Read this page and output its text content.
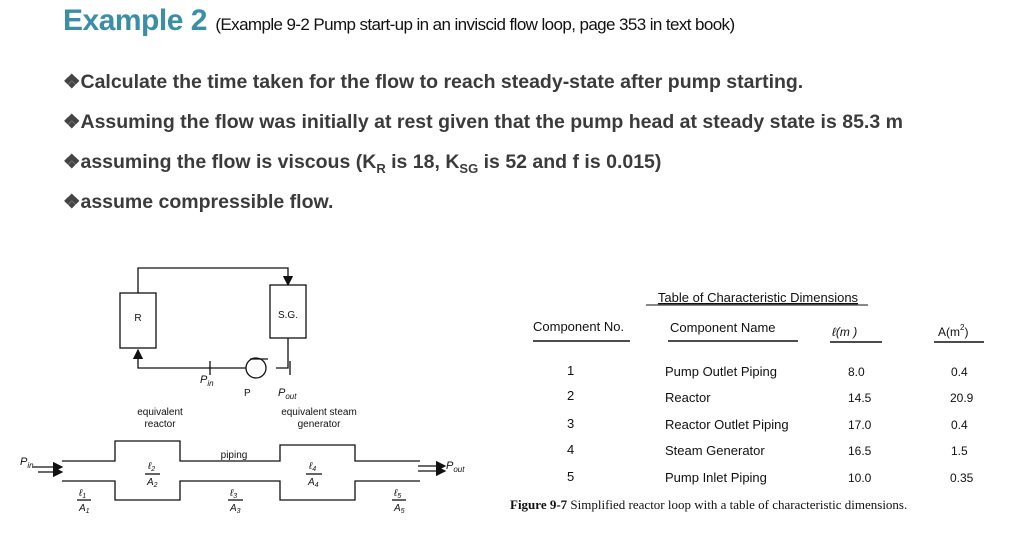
Example 2 (Example 9-2 Pump start-up in an inviscid flow loop, page 353 in text book)
❖Calculate the time taken for the flow to reach steady-state after pump starting.
❖Assuming the flow was initially at rest given that the pump head at steady state is 85.3 m
❖assuming the flow is viscous ($K_R$ is 18, $K_{SG}$ is 52 and f is 0.015)
❖assume compressible flow.
R	S.G.
$P_{in}$
P $P_{out}$
equivalent
reactor
equivalent steam
generator
piping
$P_{in}$	$P_{out}$
ℓ$_1$
$A_1$
ℓ$_2$
$A_2$
ℓ$_3$
$A_3$
ℓ$_4$
$A_4$
ℓ$_5$
$A_5$
Table of Characteristic Dimensions
Component No.	Component Name	ℓ(m )	$A(m^2)$
1	Pump Outlet Piping	8.0	0.4
2	Reactor	14.5	20.9
3	Reactor Outlet Piping	17.0	0.4
4	Steam Generator	16.5	1.5
5	Pump Inlet Piping	10.0	0.35
Figure 9-7 Simplified reactor loop with a table of characteristic dimensions.
